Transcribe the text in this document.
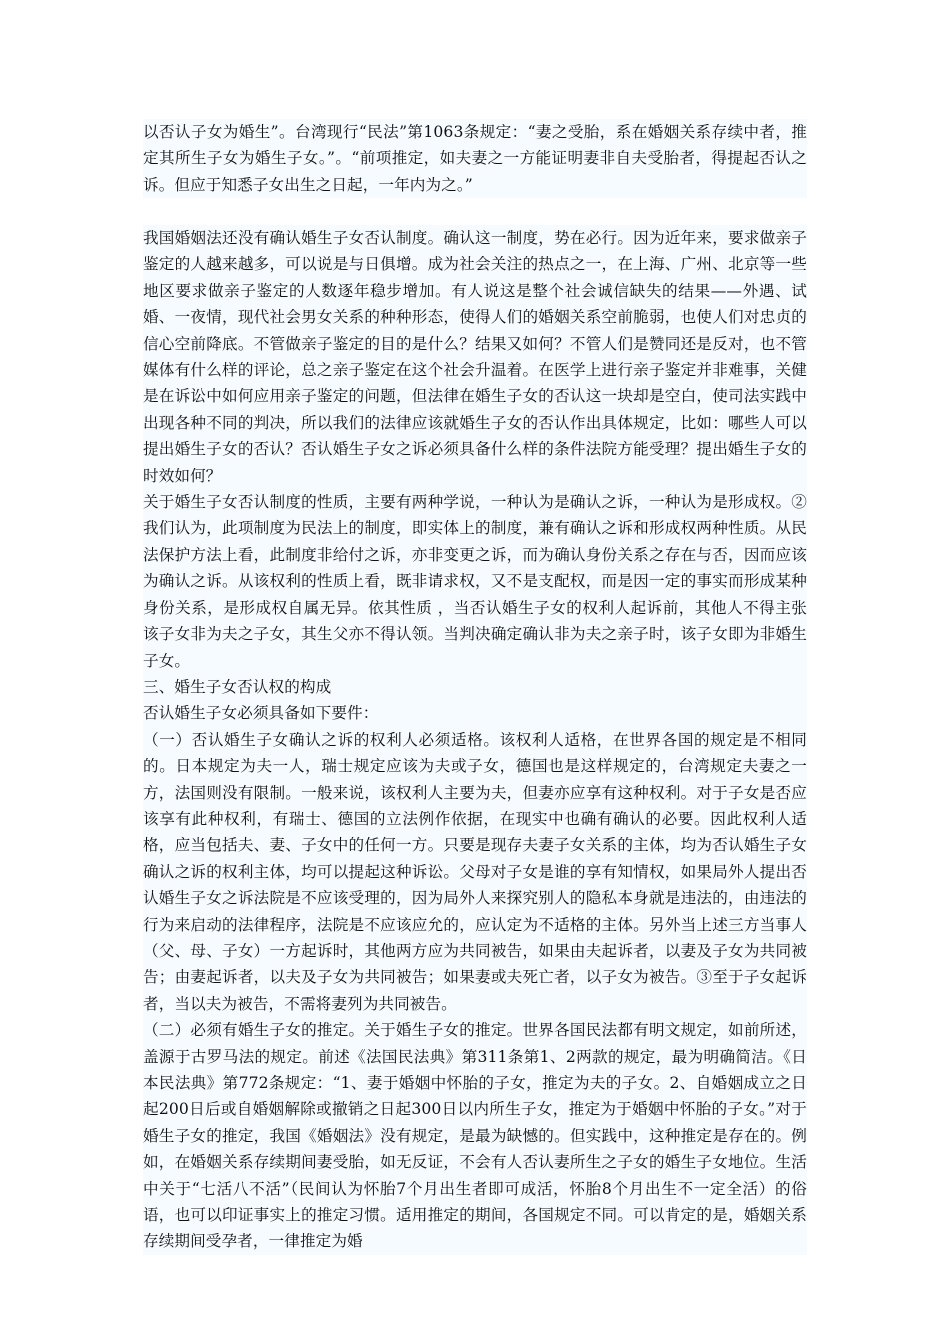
以否认子女为婚生”。台湾现行“民法”第1063条规定：“妻之受胎，系在婚姻关系存续中者，推定其所生子女为婚生子女。”。“前项推定，如夫妻之一方能证明妻非自夫受胎者，得提起否认之诉。但应于知悉子女出生之日起，一年内为之。”

我国婚姻法还没有确认婚生子女否认制度。确认这一制度，势在必行。因为近年来，要求做亲子鉴定的人越来越多，可以说是与日俱增。成为社会关注的热点之一，在上海、广州、北京等一些地区要求做亲子鉴定的人数逐年稳步增加。有人说这是整个社会诚信缺失的结果——外遇、试婚、一夜情，现代社会男女关系的种种形态，使得人们的婚姻关系空前脆弱，也使人们对忠贞的信心空前降底。不管做亲子鉴定的目的是什么？结果又如何？不管人们是赞同还是反对，也不管媒体有什么样的评论，总之亲子鉴定在这个社会升温着。在医学上进行亲子鉴定并非难事，关健是在诉讼中如何应用亲子鉴定的问题，但法律在婚生子女的否认这一块却是空白，使司法实践中出现各种不同的判决，所以我们的法律应该就婚生子女的否认作出具体规定，比如：哪些人可以提出婚生子女的否认？否认婚生子女之诉必须具备什么样的条件法院方能受理？提出婚生子女的时效如何？

关于婚生子女否认制度的性质，主要有两种学说，一种认为是确认之诉，一种认为是形成权。② 我们认为，此项制度为民法上的制度，即实体上的制度，兼有确认之诉和形成权两种性质。从民法保护方法上看，此制度非给付之诉，亦非变更之诉，而为确认身份关系之存在与否，因而应该为确认之诉。从该权利的性质上看，既非请求权，又不是支配权，而是因一定的事实而形成某种身份关系，是形成权自属无异。依其性质 ，当否认婚生子女的权利人起诉前，其他人不得主张该子女非为夫之子女，其生父亦不得认领。当判决确定确认非为夫之亲子时，该子女即为非婚生子女。

三、婚生子女否认权的构成

否认婚生子女必须具备如下要件：

（一）否认婚生子女确认之诉的权利人必须适格。该权利人适格，在世界各国的规定是不相同的。日本规定为夫一人，瑞士规定应该为夫或子女，德国也是这样规定的，台湾规定夫妻之一方，法国则没有限制。一般来说，该权利人主要为夫，但妻亦应享有这种权利。对于子女是否应该享有此种权利，有瑞士、德国的立法例作依据，在现实中也确有确认的必要。因此权利人适格，应当包括夫、妻、子女中的任何一方。只要是现存夫妻子女关系的主体，均为否认婚生子女确认之诉的权利主体，均可以提起这种诉讼。父母对子女是谁的享有知情权，如果局外人提出否认婚生子女之诉法院是不应该受理的，因为局外人来探究别人的隐私本身就是违法的，由违法的行为来启动的法律程序，法院是不应该应允的，应认定为不适格的主体。另外当上述三方当事人（父、母、子女）一方起诉时，其他两方应为共同被告，如果由夫起诉者，以妻及子女为共同被告；由妻起诉者，以夫及子女为共同被告；如果妻或夫死亡者，以子女为被告。③至于子女起诉者，当以夫为被告，不需将妻列为共同被告。

（二）必须有婚生子女的推定。关于婚生子女的推定。世界各国民法都有明文规定，如前所述，盖源于古罗马法的规定。前述《法国民法典》第311条第1、2两款的规定，最为明确简洁。《日本民法典》第772条规定：“1、妻于婚姻中怀胎的子女，推定为夫的子女。2、自婚姻成立之日起200日后或自婚姻解除或撤销之日起300日以内所生子女，推定为于婚姻中怀胎的子女。”对于婚生子女的推定，我国《婚姻法》没有规定，是最为缺憾的。但实践中，这种推定是存在的。例如，在婚姻关系存续期间妻受胎，如无反证，不会有人否认妻所生之子女的婚生子女地位。生活中关于“七活八不活”（民间认为怀胎7个月出生者即可成活，怀胎8个月出生不一定全活）的俗语，也可以印证事实上的推定习惯。适用推定的期间，各国规定不同。可以肯定的是，婚姻关系存续期间受孕者，一律推定为婚
